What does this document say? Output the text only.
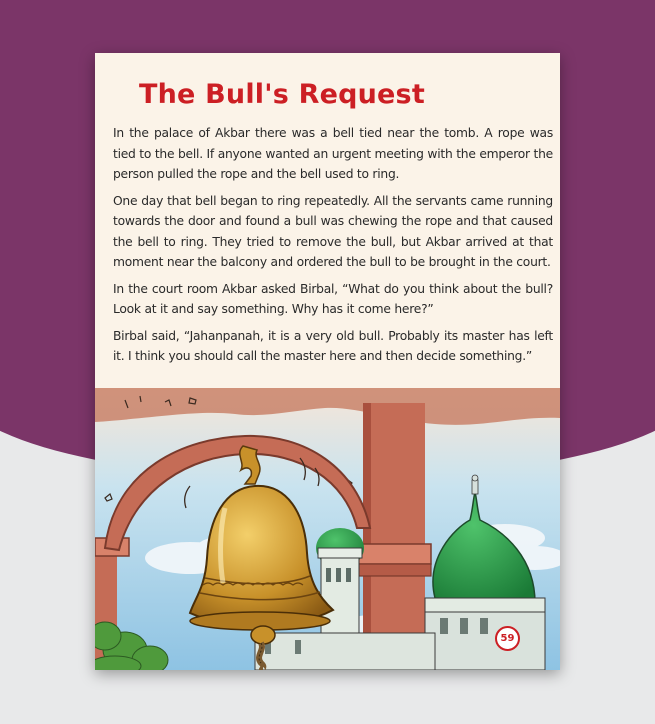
The Bull's Request

In the palace of Akbar there was a bell tied near the tomb. A rope was tied to the bell. If anyone wanted an urgent meeting with the emperor the person pulled the rope and the bell used to ring.

One day that bell began to ring repeatedly. All the servants came running towards the door and found a bull was chewing the rope and that caused the bell to ring. They tried to remove the bull, but Akbar arrived at that moment near the balcony and ordered the bull to be brought in the court.

In the court room Akbar asked Birbal, “What do you think about the bull? Look at it and say something. Why has it come here?”

Birbal said, “Jahanpanah, it is a very old bull. Probably its master has left it. I think you should call the master here and then decide something.”

59
